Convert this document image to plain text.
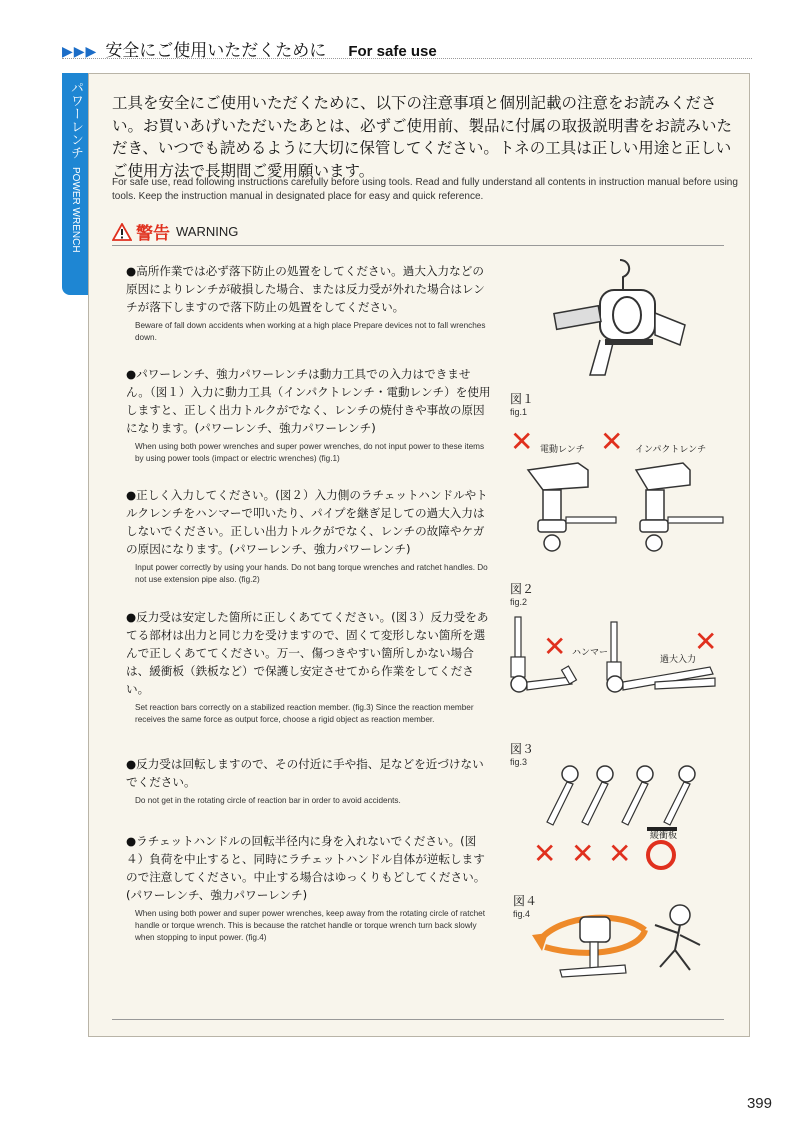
▶▶▶ 安全にご使用いただくために For safe use
パワーレンチ POWER WRENCH
工具を安全にご使用いただくために、以下の注意事項と個別記載の注意をお読みください。お買いあげいただいたあとは、必ずご使用前、製品に付属の取扱説明書をお読みいただき、いつでも読めるように大切に保管してください。トネの工具は正しい用途と正しいご使用方法で長期間ご愛用願います。
For safe use, read following instructions carefully before using tools. Read and fully understand all contents in instruction manual before using tools. Keep the instruction manual in designated place for easy and quick reference.
警告 WARNING
●高所作業では必ず落下防止の処置をしてください。過大入力などの原因によりレンチが破損した場合、または反力受が外れた場合はレンチが落下しますので落下防止の処置をしてください。
Beware of fall down accidents when working at a high place Prepare devices not to fall wrenches down.
●パワーレンチ、強力パワーレンチは動力工具での入力はできません。（図１）入力に動力工具（インパクトレンチ・電動レンチ）を使用しますと、正しく出力トルクがでなく、レンチの焼付きや事故の原因になります。(パワーレンチ、強力パワーレンチ)
When using both power wrenches and super power wrenches, do not input power to these items by using power tools (impact or electric wrenches) (fig.1)
●正しく入力してください。(図２）入力側のラチェットハンドルやトルクレンチをハンマーで叩いたり、パイプを継ぎ足しての過大入力はしないでください。正しい出力トルクがでなく、レンチの故障やケガの原因になります。(パワーレンチ、強力パワーレンチ)
Input power correctly by using your hands. Do not bang torque wrenches and ratchet handles. Do not use extension pipe also. (fig.2)
●反力受は安定した箇所に正しくあててください。(図３）反力受をあてる部材は出力と同じ力を受けますので、固くて変形しない箇所を選んで正しくあててください。万一、傷つきやすい箇所しかない場合は、緩衝板（鉄板など）で保護し安定させてから作業をしてください。
Set reaction bars correctly on a stabilized reaction member. (fig.3) Since the reaction member receives the same force as output force, choose a rigid object as reaction member.
●反力受は回転しますので、その付近に手や指、足などを近づけないでください。
Do not get in the rotating circle of reaction bar in order to avoid accidents.
●ラチェットハンドルの回転半径内に身を入れないでください。(図４）負荷を中止すると、同時にラチェットハンドル自体が逆転しますので注意してください。中止する場合はゆっくりもどしてください。(パワーレンチ、強力パワーレンチ)
When using both power and super power wrenches, keep away from the rotating circle of ratchet handle or torque wrench. This is because the ratchet handle or torque wrench turn back slowly when stopping to input power. (fig.4)
図１
fig.1
✕ 電動レンチ ✕ インパクトレンチ
図２
fig.2
✕ ハンマー
過大入力
✕
図３
fig.3
緩衝板
✕ ✕ ✕
図４
fig.4
399
